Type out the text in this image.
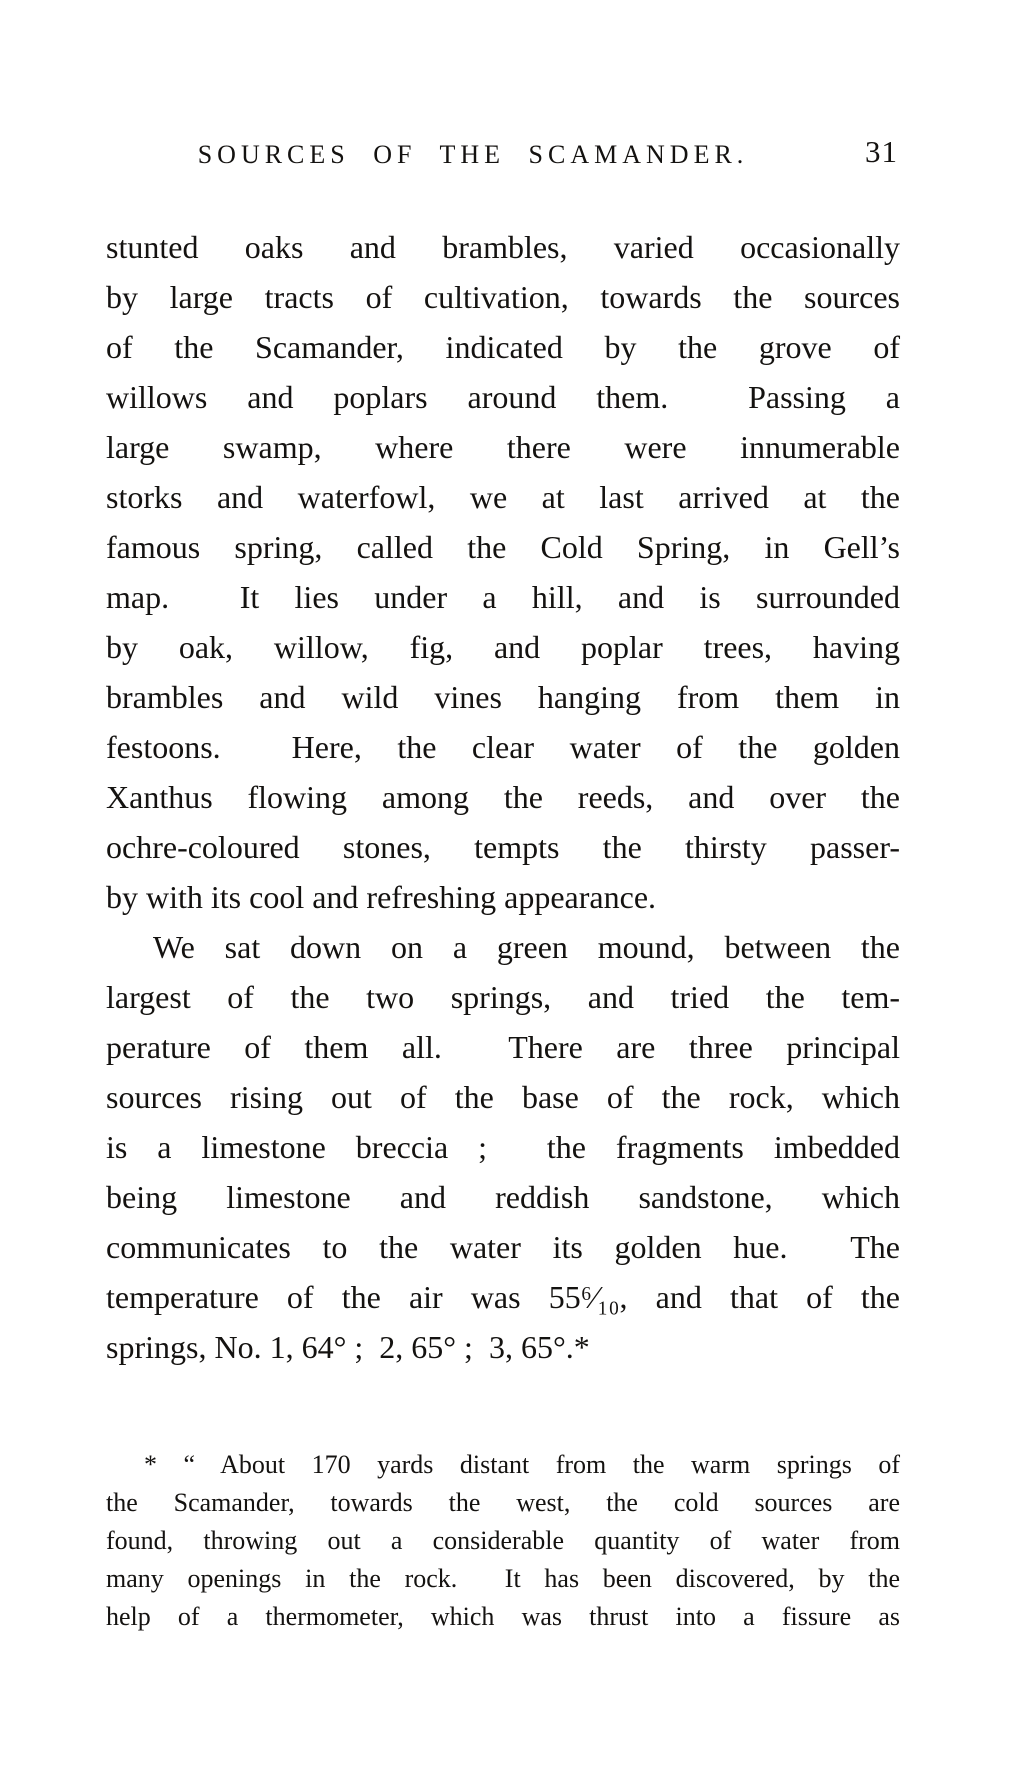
SOURCES OF THE SCAMANDER.	31
stunted oaks and brambles, varied occasionally
by large tracts of cultivation, towards the sources
of the Scamander, indicated by the grove of
willows and poplars around them.  Passing a
large swamp, where there were innumerable
storks and waterfowl, we at last arrived at the
famous spring, called the Cold Spring, in Gell’s
map.  It lies under a hill, and is surrounded
by oak, willow, fig, and poplar trees, having
brambles and wild vines hanging from them in
festoons.  Here, the clear water of the golden
Xanthus flowing among the reeds, and over the
ochre-coloured stones, tempts the thirsty passer-
by with its cool and refreshing appearance.
We sat down on a green mound, between the
largest of the two springs, and tried the tem-
perature of them all.  There are three principal
sources rising out of the base of the rock, which
is a limestone breccia ;  the fragments imbedded
being limestone and reddish sandstone, which
communicates to the water its golden hue.  The
temperature of the air was 55⁶⁄₁₀, and that of the
springs, No. 1, 64° ;  2, 65° ;  3, 65°.*
* “ About 170 yards distant from the warm springs of
the Scamander, towards the west, the cold sources are
found, throwing out a considerable quantity of water from
many openings in the rock.  It has been discovered, by the
help of a thermometer, which was thrust into a fissure as
